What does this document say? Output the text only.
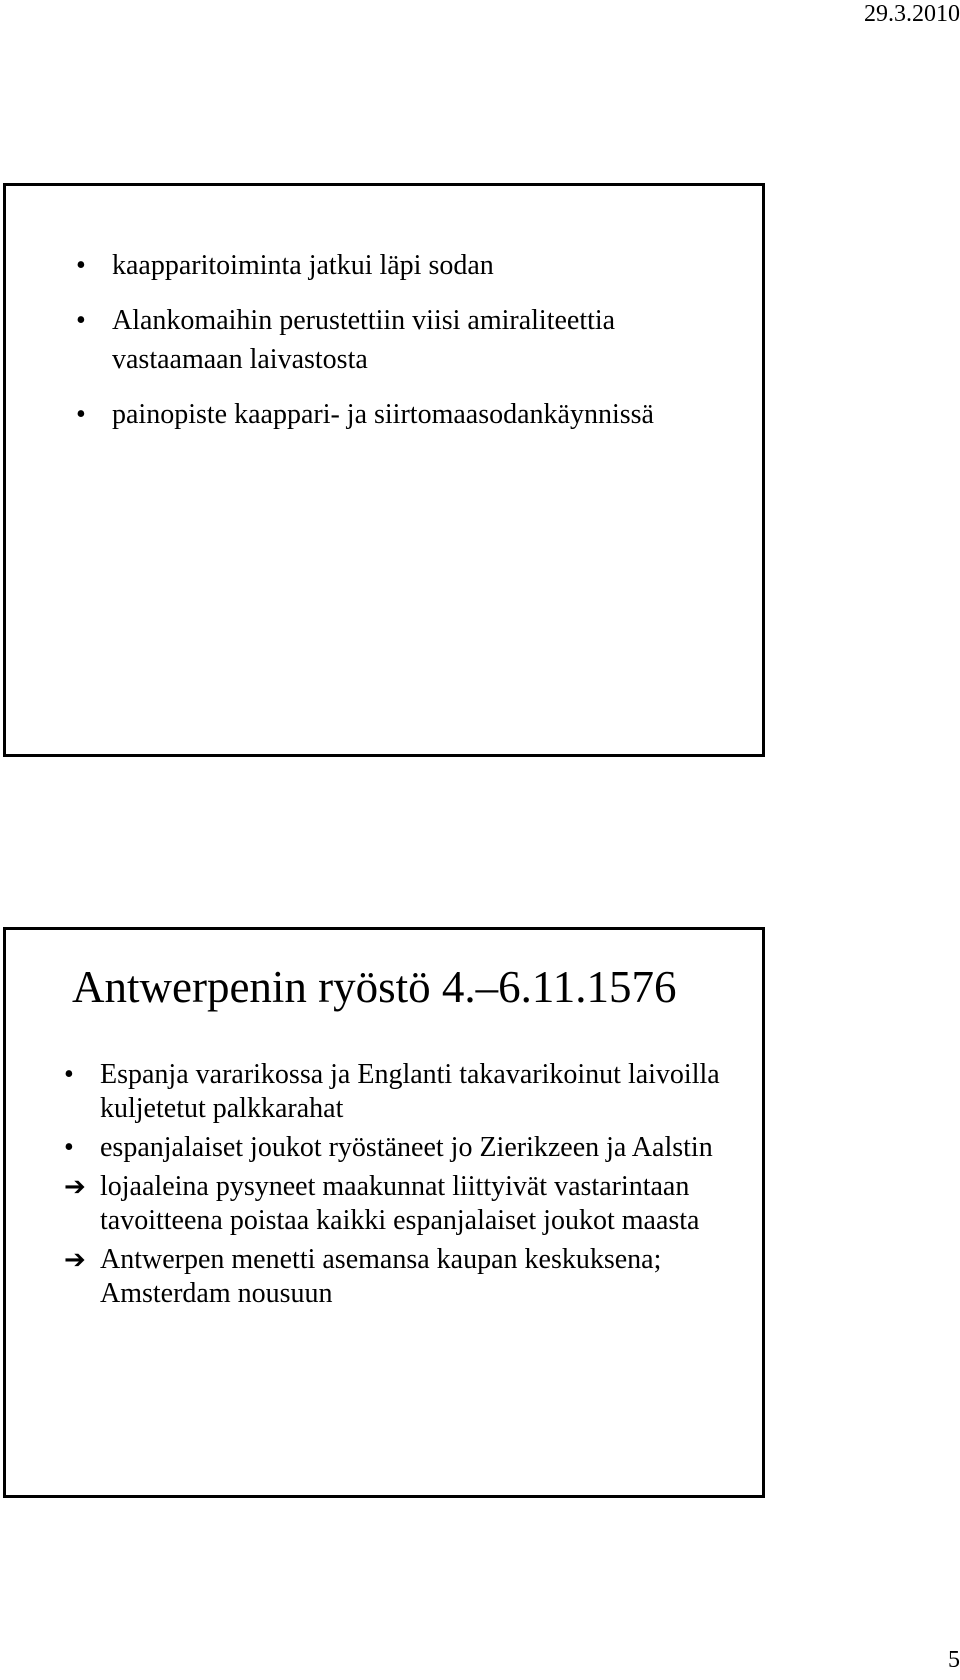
29.3.2010
• kaapparitoiminta jatkui läpi sodan
• Alankomaihin perustettiin viisi amiraliteettia vastaamaan laivastosta
• painopiste kaappari- ja siirtomaasodankäynnissä
Antwerpenin ryöstö 4.–6.11.1576
• Espanja vararikossa ja Englanti takavarikoinut laivoilla kuljetetut palkkarahat
• espanjalaiset joukot ryöstäneet jo Zierikzeen ja Aalstin
➔ lojaaleina pysyneet maakunnat liittyivät vastarintaan tavoitteena poistaa kaikki espanjalaiset joukot maasta
➔ Antwerpen menetti asemansa kaupan keskuksena; Amsterdam nousuun
5
